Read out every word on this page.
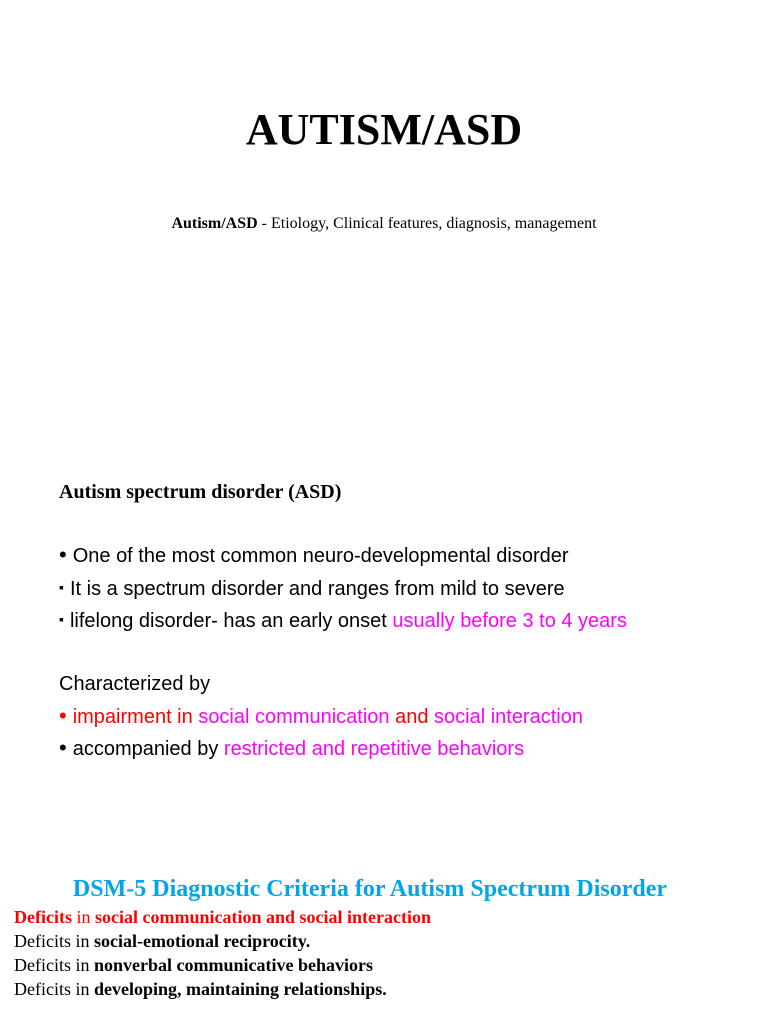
AUTISM/ASD
Autism/ASD - Etiology, Clinical features, diagnosis, management
Autism spectrum disorder (ASD)
• One of the most common neuro-developmental disorder
▪ It is a spectrum disorder and ranges from mild to severe
▪ lifelong disorder- has an early onset usually before 3 to 4 years
Characterized by
• impairment in social communication and social interaction
• accompanied by restricted and repetitive behaviors
DSM-5 Diagnostic Criteria for Autism Spectrum Disorder
Deficits in social communication and social interaction
Deficits in social-emotional reciprocity.
Deficits in nonverbal communicative behaviors
Deficits in developing, maintaining relationships.
